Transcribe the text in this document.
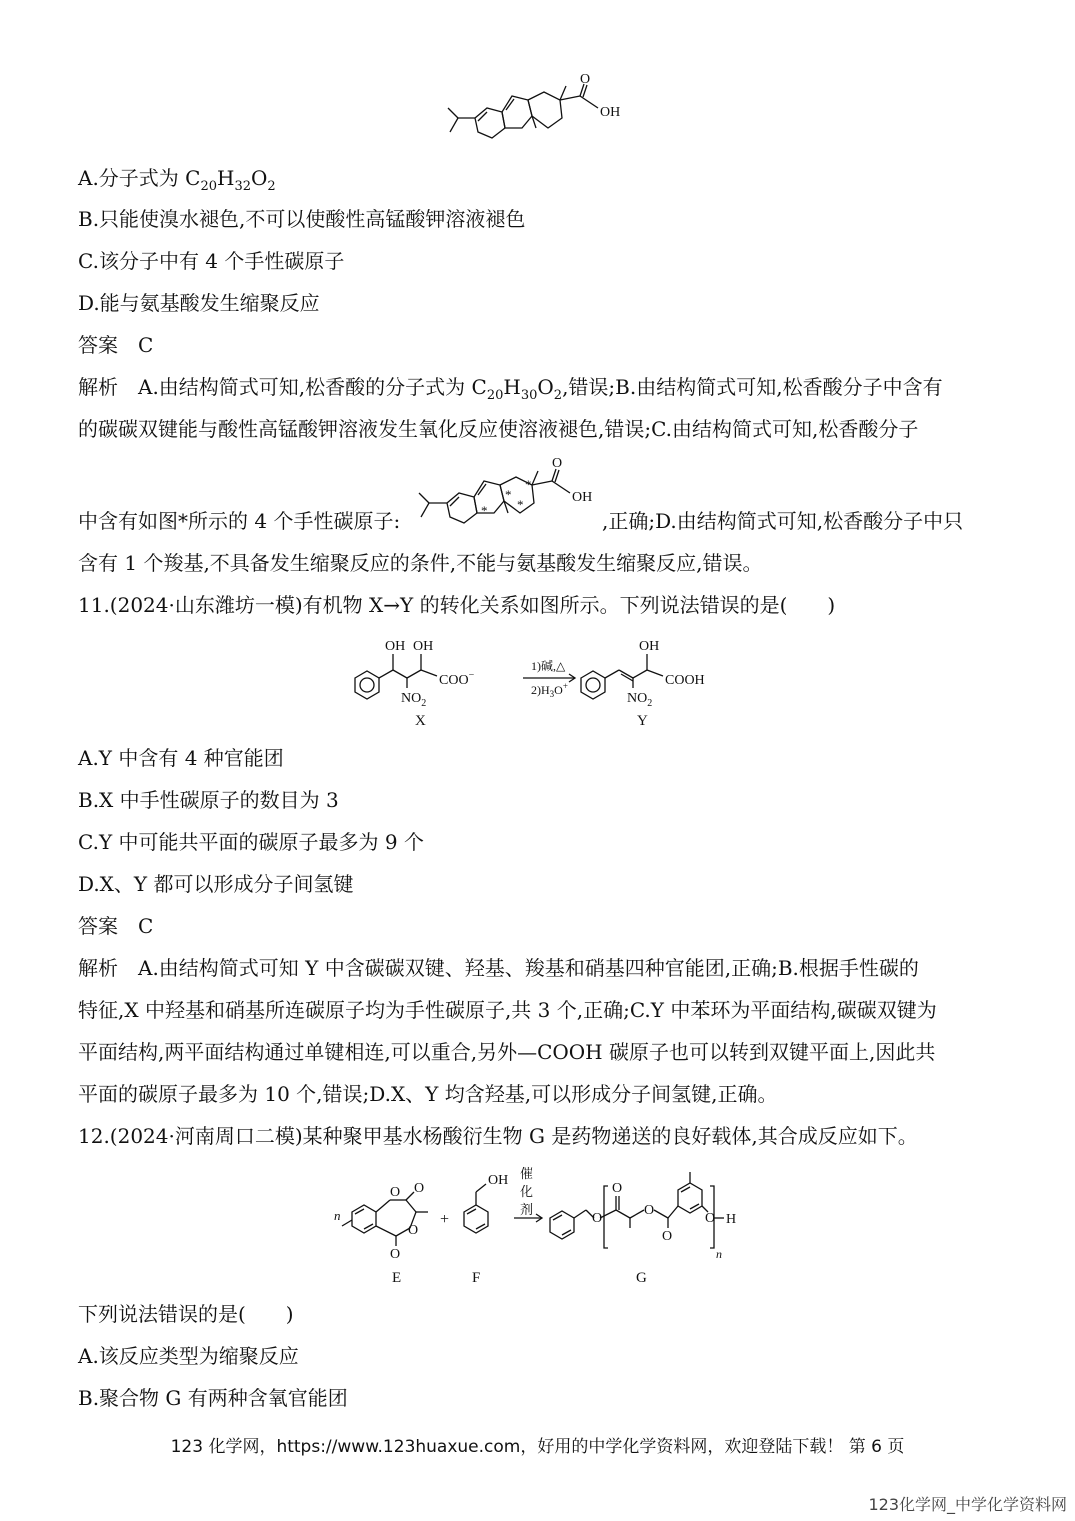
O
OH
A.分子式为 $C_{20}H_{32}O_2$
B.只能使溴水褪色,不可以使酸性高锰酸钾溶液褪色
C.该分子中有 4 个手性碳原子
D.能与氨基酸发生缩聚反应
答案　C
解析　A.由结构简式可知,松香酸的分子式为 $C_{20}H_{30}O_2$,错误;B.由结构简式可知,松香酸分子中含有
的碳碳双键能与酸性高锰酸钾溶液发生氧化反应使溶液褪色,错误;C.由结构简式可知,松香酸分子
中含有如图*所示的 4 个手性碳原子:	*
*
*
*
O
OH
,正确;D.由结构简式可知,松香酸分子中只
含有 1 个羧基,不具备发生缩聚反应的条件,不能与氨基酸发生缩聚反应,错误。
11.(2024·山东潍坊一模)有机物 X→Y 的转化关系如图所示。下列说法错误的是(　　)
OH OH
$NO_2$
COO−
1)碱,△
$2)H_3O^+$
OH
$NO_2$
COOH
X	Y
A.Y 中含有 4 种官能团
B.X 中手性碳原子的数目为 3
C.Y 中可能共平面的碳原子最多为 9 个
D.X、Y 都可以形成分子间氢键
答案　C
解析　A.由结构简式可知 Y 中含碳碳双键、羟基、羧基和硝基四种官能团,正确;B.根据手性碳的
特征,X 中羟基和硝基所连碳原子均为手性碳原子,共 3 个,正确;C.Y 中苯环为平面结构,碳碳双键为
平面结构,两平面结构通过单键相连,可以重合,另外—COOH 碳原子也可以转到双键平面上,因此共
平面的碳原子最多为 10 个,错误;D.X、Y 均含羟基,可以形成分子间氢键,正确。
12.(2024·河南周口二模)某种聚甲基水杨酸衍生物 G 是药物递送的良好载体,其合成反应如下。
n
O O
O
O
+
OH 催
化
剂
O
O
O
O
O H
n
E	F	G
下列说法错误的是(　　)
A.该反应类型为缩聚反应
B.聚合物 G 有两种含氧官能团
123 化学网，https://www.123huaxue.com，好用的中学化学资料网，欢迎登陆下载！ 第 6 页
123化学网_中学化学资料网
